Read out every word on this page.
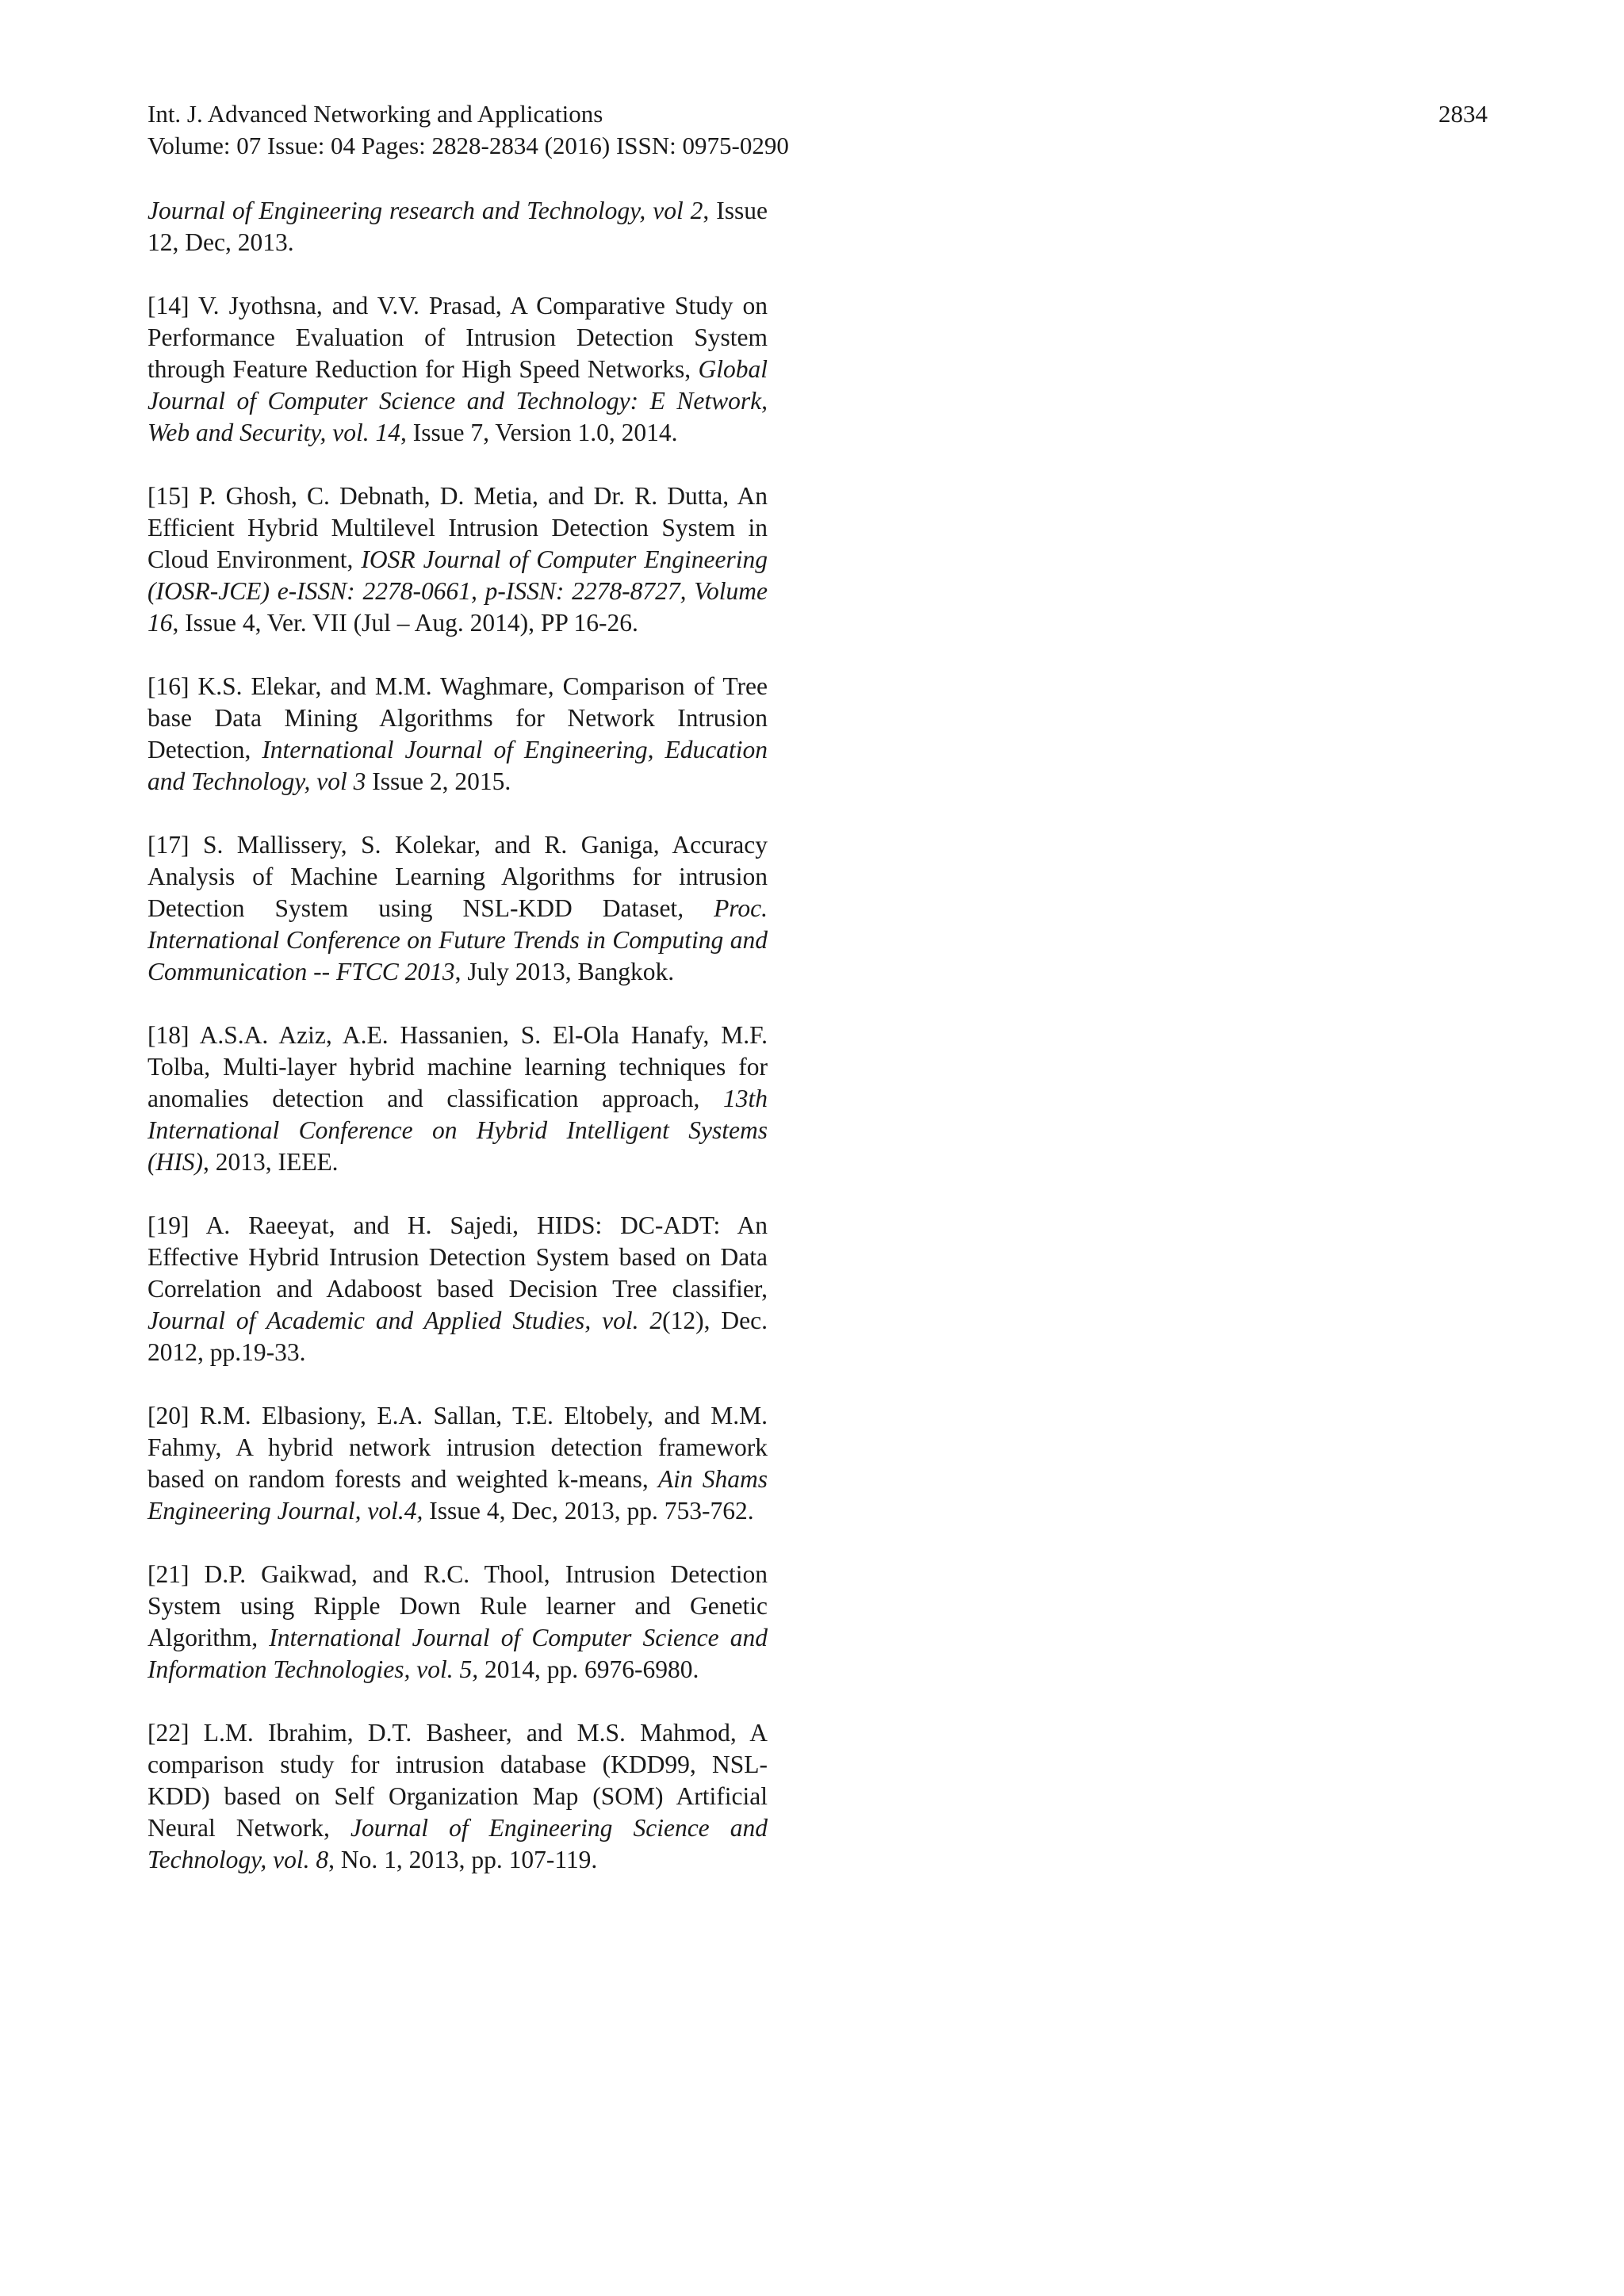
Int. J. Advanced Networking and Applications
Volume: 07 Issue: 04 Pages: 2828-2834 (2016) ISSN: 0975-0290
2834

Journal of Engineering research and Technology, vol 2, Issue 12, Dec, 2013.

[14] V. Jyothsna, and V.V. Prasad, A Comparative Study on Performance Evaluation of Intrusion Detection System through Feature Reduction for High Speed Networks, Global Journal of Computer Science and Technology: E Network, Web and Security, vol. 14, Issue 7, Version 1.0, 2014.

[15] P. Ghosh, C. Debnath, D. Metia, and Dr. R. Dutta, An Efficient Hybrid Multilevel Intrusion Detection System in Cloud Environment, IOSR Journal of Computer Engineering (IOSR-JCE) e-ISSN: 2278-0661, p-ISSN: 2278-8727, Volume 16, Issue 4, Ver. VII (Jul – Aug. 2014), PP 16-26.

[16] K.S. Elekar, and M.M. Waghmare, Comparison of Tree base Data Mining Algorithms for Network Intrusion Detection, International Journal of Engineering, Education and Technology, vol 3 Issue 2, 2015.

[17] S. Mallissery, S. Kolekar, and R. Ganiga, Accuracy Analysis of Machine Learning Algorithms for intrusion Detection System using NSL-KDD Dataset, Proc. International Conference on Future Trends in Computing and Communication -- FTCC 2013, July 2013, Bangkok.

[18] A.S.A. Aziz, A.E. Hassanien, S. El-Ola Hanafy, M.F. Tolba, Multi-layer hybrid machine learning techniques for anomalies detection and classification approach, 13th International Conference on Hybrid Intelligent Systems (HIS), 2013, IEEE.

[19] A. Raeeyat, and H. Sajedi, HIDS: DC-ADT: An Effective Hybrid Intrusion Detection System based on Data Correlation and Adaboost based Decision Tree classifier, Journal of Academic and Applied Studies, vol. 2(12), Dec. 2012, pp.19-33.

[20] R.M. Elbasiony, E.A. Sallan, T.E. Eltobely, and M.M. Fahmy, A hybrid network intrusion detection framework based on random forests and weighted k-means, Ain Shams Engineering Journal, vol.4, Issue 4, Dec, 2013, pp. 753-762.

[21] D.P. Gaikwad, and R.C. Thool, Intrusion Detection System using Ripple Down Rule learner and Genetic Algorithm, International Journal of Computer Science and Information Technologies, vol. 5, 2014, pp. 6976-6980.

[22] L.M. Ibrahim, D.T. Basheer, and M.S. Mahmod, A comparison study for intrusion database (KDD99, NSL-KDD) based on Self Organization Map (SOM) Artificial Neural Network, Journal of Engineering Science and Technology, vol. 8, No. 1, 2013, pp. 107-119.
